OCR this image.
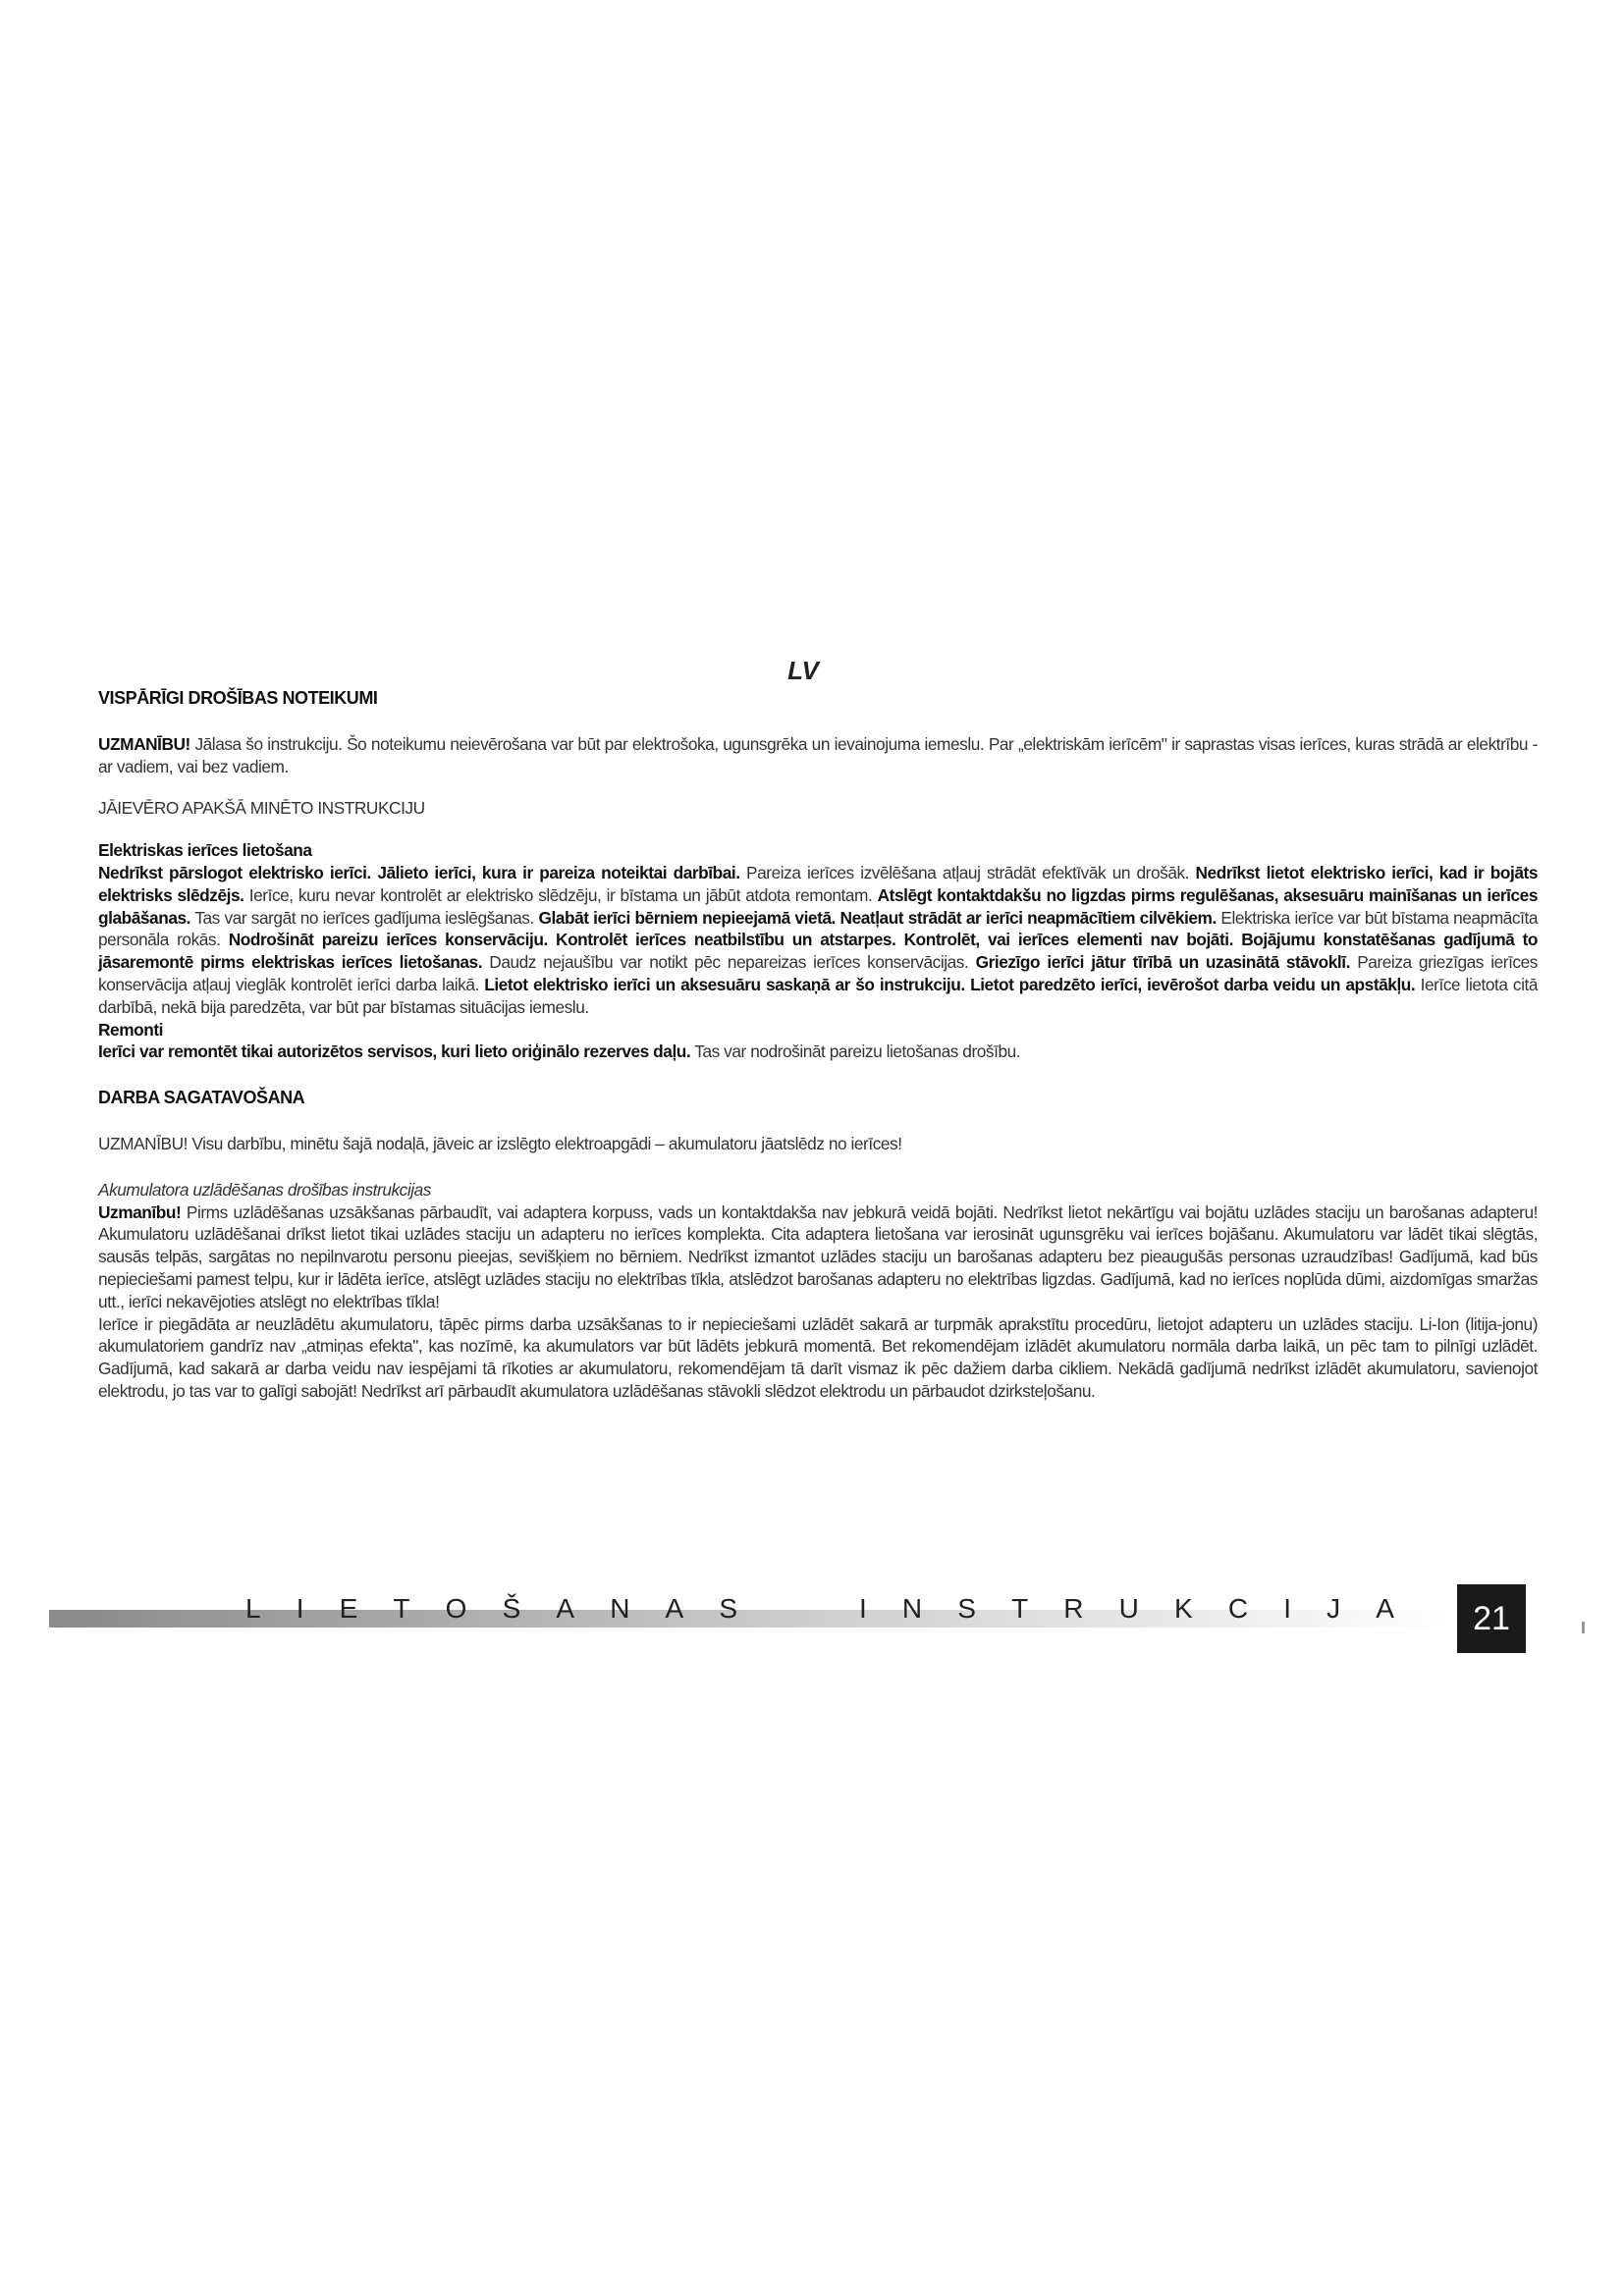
LV

VISPĀRĪGI DROŠĪBAS NOTEIKUMI

UZMANĪBU! Jālasa šo instrukciju. Šo noteikumu neievērošana var būt par elektrošoka, ugunsgrēka un ievainojuma iemeslu. Par „elektriskām ierīcēm" ir saprastas visas ierīces, kuras strādā ar elektrību - ar vadiem, vai bez vadiem.

JĀIEVĒRO APAKŠĀ MINĒTO INSTRUKCIJU

Elektriskas ierīces lietošana

Nedrīkst pārslogot elektrisko ierīci. Jālieto ierīci, kura ir pareiza noteiktai darbībai. Pareiza ierīces izvēlēšana atļauj strādāt efektīvāk un drošāk. Nedrīkst lietot elektrisko ierīci, kad ir bojāts elektrisks slēdzējs. Ierīce, kuru nevar kontrolēt ar elektrisko slēdzēju, ir bīstama un jābūt atdota remontam. Atslēgt kontaktdakšu no ligzdas pirms regulēšanas, aksesuāru mainīšanas un ierīces glabāšanas. Tas var sargāt no ierīces gadījuma ieslēgšanas. Glabāt ierīci bērniem nepieejamā vietā. Neatļaut strādāt ar ierīci neapmācītiem cilvēkiem. Elektriska ierīce var būt bīstama neapmācīta personāla rokās. Nodrošināt pareizu ierīces konservāciju. Kontrolēt ierīces neatbilstību un atstarpes. Kontrolēt, vai ierīces elementi nav bojāti. Bojājumu konstatēšanas gadījumā to jāsaremontē pirms elektriskas ierīces lietošanas. Daudz nejaušību var notikt pēc nepareizas ierīces konservācijas. Griezīgo ierīci jātur tīrībā un uzasinātā stāvoklī. Pareiza griezīgas ierīces konservācija atļauj vieglāk kontrolēt ierīci darba laikā. Lietot elektrisko ierīci un aksesuāru saskaņā ar šo instrukciju. Lietot paredzēto ierīci, ievērošot darba veidu un apstākļu. Ierīce lietota citā darbībā, nekā bija paredzēta, var būt par bīstamas situācijas iemeslu.

Remonti

Ierīci var remontēt tikai autorizētos servisos, kuri lieto oriģinālo rezerves daļu. Tas var nodrošināt pareizu lietošanas drošību.

DARBA SAGATAVOŠANA

UZMANĪBU! Visu darbību, minētu šajā nodaļā, jāveic ar izslēgto elektroapgādi – akumulatoru jāatslēdz no ierīces!

Akumulatora uzlādēšanas drošības instrukcijas

Uzmanību! Pirms uzlādēšanas uzsākšanas pārbaudīt, vai adaptera korpuss, vads un kontaktdakša nav jebkurā veidā bojāti. Nedrīkst lietot nekārtīgu vai bojātu uzlādes staciju un barošanas adapteru! Akumulatoru uzlādēšanai drīkst lietot tikai uzlādes staciju un adapteru no ierīces komplekta. Cita adaptera lietošana var ierosināt ugunsgrēku vai ierīces bojāšanu. Akumulatoru var lādēt tikai slēgtās, sausās telpās, sargātas no nepilnvarotu personu pieejas, sevišķiem no bērniem. Nedrīkst izmantot uzlādes staciju un barošanas adapteru bez pieaugušās personas uzraudzības! Gadījumā, kad būs nepieciešami pamest telpu, kur ir lādēta ierīce, atslēgt uzlādes staciju no elektrības tīkla, atslēdzot barošanas adapteru no elektrības ligzdas. Gadījumā, kad no ierīces noplūda dūmi, aizdomīgas smaržas utt., ierīci nekavējoties atslēgt no elektrības tīkla!

Ierīce ir piegādāta ar neuzlādētu akumulatoru, tāpēc pirms darba uzsākšanas to ir nepieciešami uzlādēt sakarā ar turpmāk aprakstītu procedūru, lietojot adapteru un uzlādes staciju. Li-Ion (litija-jonu) akumulatoriem gandrīz nav „atmiņas efekta", kas nozīmē, ka akumulators var būt lādēts jebkurā momentā. Bet rekomendējam izlādēt akumulatoru normāla darba laikā, un pēc tam to pilnīgi uzlādēt. Gadījumā, kad sakarā ar darba veidu nav iespējami tā rīkoties ar akumulatoru, rekomendējam tā darīt vismaz ik pēc dažiem darba cikliem. Nekādā gadījumā nedrīkst izlādēt akumulatoru, savienojot elektrodu, jo tas var to galīgi sabojāt! Nedrīkst arī pārbaudīt akumulatora uzlādēšanas stāvokli slēdzot elektrodu un pārbaudot dzirksteļošanu.

L I E T O Š A N A S

	I N S T R U K C I J A	21
